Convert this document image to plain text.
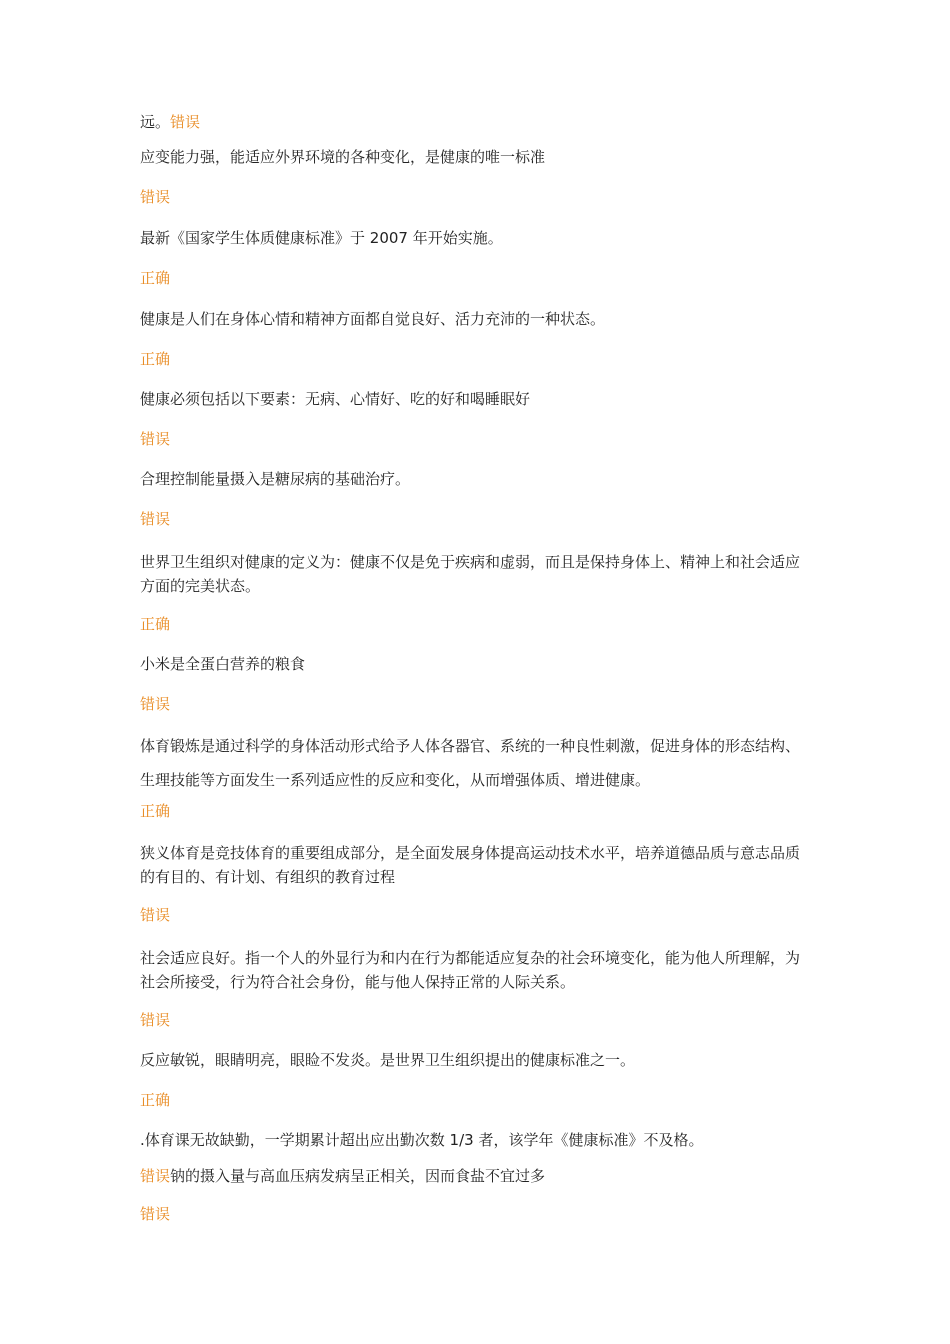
远。错误

应变能力强，能适应外界环境的各种变化，是健康的唯一标准

错误

最新《国家学生体质健康标准》于 2007 年开始实施。

正确

健康是人们在身体心情和精神方面都自觉良好、活力充沛的一种状态。

正确

健康必须包括以下要素：无病、心情好、吃的好和喝睡眠好

错误

合理控制能量摄入是糖尿病的基础治疗。

错误

世界卫生组织对健康的定义为：健康不仅是免于疾病和虚弱，而且是保持身体上、精神上和社会适应方面的完美状态。

正确

小米是全蛋白营养的粮食

错误

体育锻炼是通过科学的身体活动形式给予人体各器官、系统的一种良性刺激，促进身体的形态结构、生理技能等方面发生一系列适应性的反应和变化，从而增强体质、增进健康。

正确

狭义体育是竞技体育的重要组成部分，是全面发展身体提高运动技术水平，培养道德品质与意志品质的有目的、有计划、有组织的教育过程

错误

社会适应良好。指一个人的外显行为和内在行为都能适应复杂的社会环境变化，能为他人所理解，为社会所接受，行为符合社会身份，能与他人保持正常的人际关系。

错误

反应敏锐，眼睛明亮，眼睑不发炎。是世界卫生组织提出的健康标准之一。

正确

.体育课无故缺勤，一学期累计超出应出勤次数 1/3 者，该学年《健康标准》不及格。

错误钠的摄入量与高血压病发病呈正相关，因而食盐不宜过多

错误
